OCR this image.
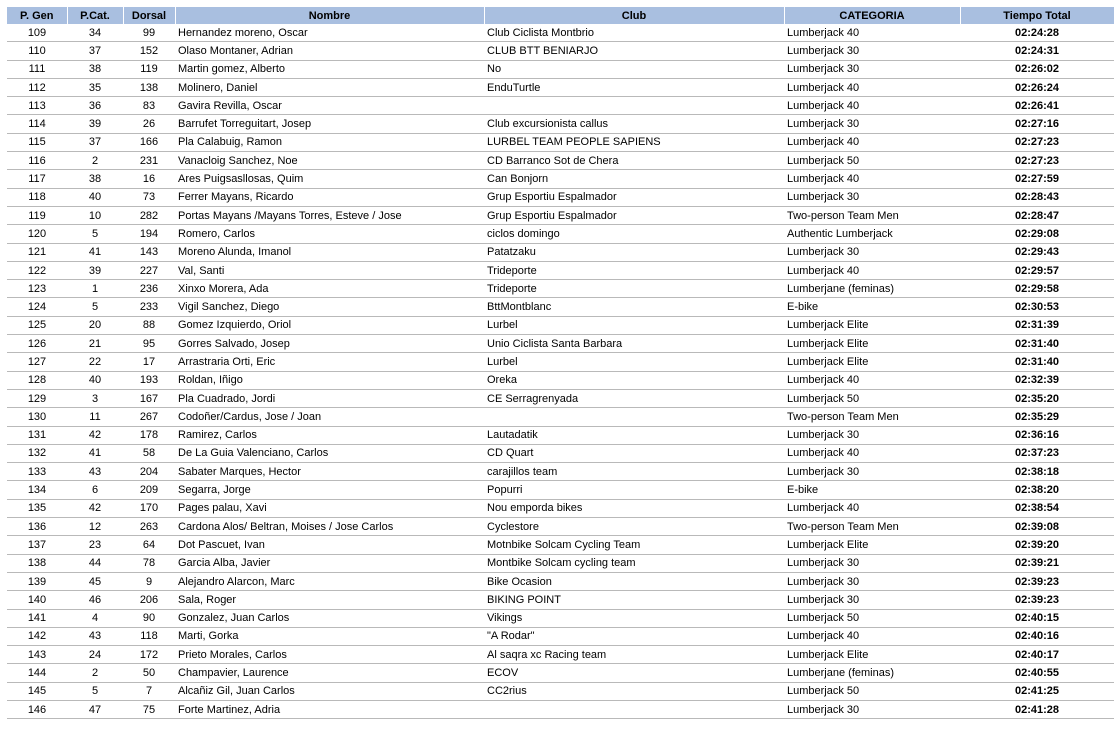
P. Gen	P.Cat.	Dorsal	Nombre	Club	CATEGORIA	Tiempo Total
109	34	99	Hernandez moreno, Oscar	Club Ciclista Montbrio	Lumberjack 40	02:24:28
110	37	152	Olaso Montaner, Adrian	CLUB BTT BENIARJO	Lumberjack 30	02:24:31
111	38	119	Martin gomez, Alberto	No	Lumberjack 30	02:26:02
112	35	138	Molinero, Daniel	EnduTurtle	Lumberjack 40	02:26:24
113	36	83	Gavira Revilla, Oscar		Lumberjack 40	02:26:41
114	39	26	Barrufet Torreguitart, Josep	Club excursionista callus	Lumberjack 30	02:27:16
115	37	166	Pla Calabuig, Ramon	LURBEL TEAM PEOPLE SAPIENS	Lumberjack 40	02:27:23
116	2	231	Vanacloig Sanchez, Noe	CD Barranco Sot de Chera	Lumberjack 50	02:27:23
117	38	16	Ares Puigsasllosas, Quim	Can Bonjorn	Lumberjack 40	02:27:59
118	40	73	Ferrer Mayans, Ricardo	Grup Esportiu Espalmador	Lumberjack 30	02:28:43
119	10	282	Portas Mayans /Mayans Torres, Esteve / Jose	Grup Esportiu Espalmador	Two-person Team Men	02:28:47
120	5	194	Romero, Carlos	ciclos domingo	Authentic Lumberjack	02:29:08
121	41	143	Moreno Alunda, Imanol	Patatzaku	Lumberjack 30	02:29:43
122	39	227	Val, Santi	Trideporte	Lumberjack 40	02:29:57
123	1	236	Xinxo Morera, Ada	Trideporte	Lumberjane (feminas)	02:29:58
124	5	233	Vigil Sanchez, Diego	BttMontblanc	E-bike	02:30:53
125	20	88	Gomez Izquierdo, Oriol	Lurbel	Lumberjack Elite	02:31:39
126	21	95	Gorres Salvado, Josep	Unio Ciclista Santa Barbara	Lumberjack Elite	02:31:40
127	22	17	Arrastraria Orti, Eric	Lurbel	Lumberjack Elite	02:31:40
128	40	193	Roldan, Iñigo	Oreka	Lumberjack 40	02:32:39
129	3	167	Pla Cuadrado, Jordi	CE Serragrenyada	Lumberjack 50	02:35:20
130	11	267	Codoñer/Cardus, Jose / Joan		Two-person Team Men	02:35:29
131	42	178	Ramirez, Carlos	Lautadatik	Lumberjack 30	02:36:16
132	41	58	De La Guia Valenciano, Carlos	CD Quart	Lumberjack 40	02:37:23
133	43	204	Sabater Marques, Hector	carajillos team	Lumberjack 30	02:38:18
134	6	209	Segarra, Jorge	Popurri	E-bike	02:38:20
135	42	170	Pages palau, Xavi	Nou emporda bikes	Lumberjack 40	02:38:54
136	12	263	Cardona Alos/ Beltran, Moises / Jose Carlos	Cyclestore	Two-person Team Men	02:39:08
137	23	64	Dot Pascuet, Ivan	Motnbike Solcam Cycling Team	Lumberjack Elite	02:39:20
138	44	78	Garcia Alba, Javier	Montbike Solcam cycling team	Lumberjack 30	02:39:21
139	45	9	Alejandro Alarcon, Marc	Bike Ocasion	Lumberjack 30	02:39:23
140	46	206	Sala, Roger	BIKING POINT	Lumberjack 30	02:39:23
141	4	90	Gonzalez, Juan Carlos	Vikings	Lumberjack 50	02:40:15
142	43	118	Marti, Gorka	"A Rodar"	Lumberjack 40	02:40:16
143	24	172	Prieto Morales, Carlos	Al saqra xc Racing team	Lumberjack Elite	02:40:17
144	2	50	Champavier, Laurence	ECOV	Lumberjane (feminas)	02:40:55
145	5	7	Alcañiz Gil, Juan Carlos	CC2rius	Lumberjack 50	02:41:25
146	47	75	Forte Martinez, Adria		Lumberjack 30	02:41:28
